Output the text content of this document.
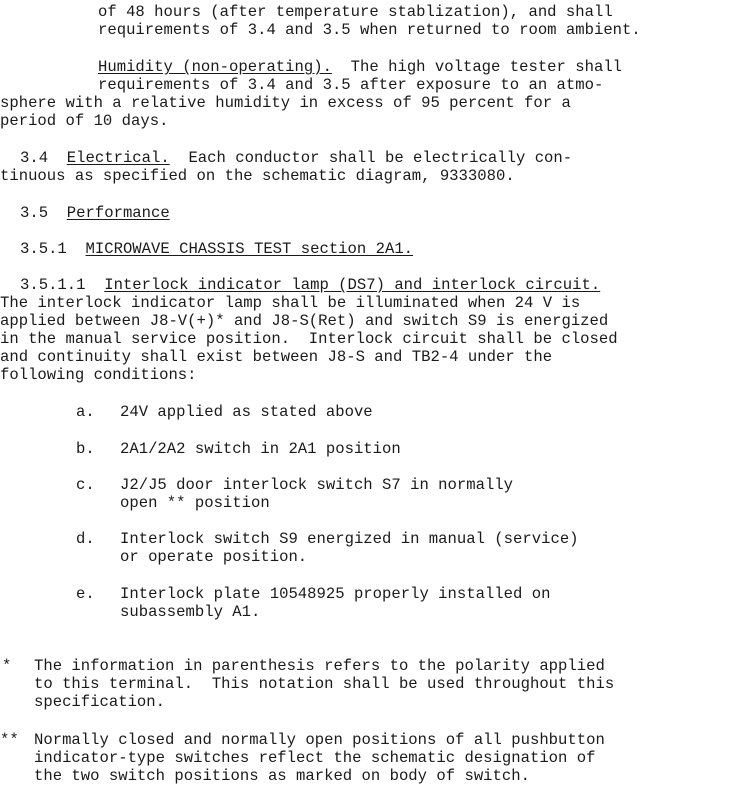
of 48 hours (after temperature stablization), and shall
requirements of 3.4 and 3.5 when returned to room ambient.
Humidity (non-operating).  The high voltage tester shall
requirements of 3.4 and 3.5 after exposure to an atmo-
sphere with a relative humidity in excess of 95 percent for a
period of 10 days.
3.4 Electrical.  Each conductor shall be electrically con-
tinuous as specified on the schematic diagram, 9333080.
3.5 Performance
3.5.1 MICROWAVE CHASSIS TEST section 2A1.
3.5.1.1 Interlock indicator lamp (DS7) and interlock circuit.
The interlock indicator lamp shall be illuminated when 24 V is
applied between J8-V(+)* and J8-S(Ret) and switch S9 is energized
in the manual service position.  Interlock circuit shall be closed
and continuity shall exist between J8-S and TB2-4 under the
following conditions:
a. 24V applied as stated above
b. 2A1/2A2 switch in 2A1 position
c. J2/J5 door interlock switch S7 in normally
open ** position
d. Interlock switch S9 energized in manual (service)
or operate position.
e. Interlock plate 10548925 properly installed on
subassembly A1.
* The information in parenthesis refers to the polarity applied
to this terminal.  This notation shall be used throughout this
specification.
** Normally closed and normally open positions of all pushbutton
indicator-type switches reflect the schematic designation of
the two switch positions as marked on body of switch.
